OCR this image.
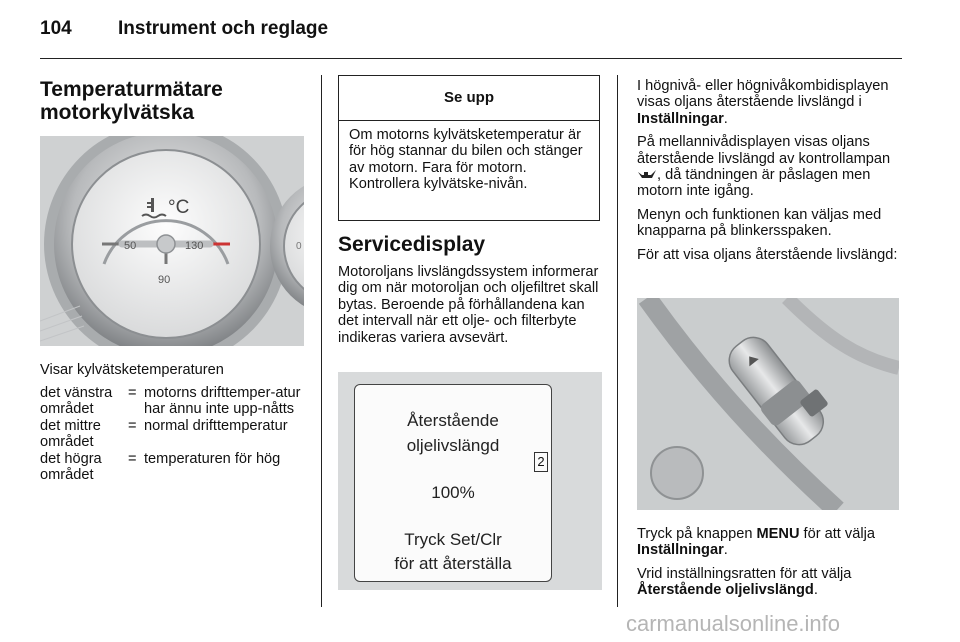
104 Instrument och reglage
Temperaturmätare
motorkylvätska
°C
50	130
90
0
Visar kylvätsketemperaturen
det vänstra området
= motorns drifttemper-atur har ännu inte upp-nåtts
det mittre området
= normal drifttemperatur
det högra området
= temperaturen för hög
Se upp
Om motorns kylvätsketemperatur är för hög stannar du bilen och stänger av motorn. Fara för motorn. Kontrollera kylvätske-nivån.
Servicedisplay
Motoroljans livslängdssystem informerar dig om när motoroljan och oljefiltret skall bytas. Beroende på förhållandena kan det intervall när ett olje- och filterbyte indikeras variera avsevärt.
Återstående
oljelivslängd
100%
Tryck Set/Clr
för att återställa
2

I högnivå- eller högnivåkombidisplayen visas oljans återstående livslängd i Inställningar.

På mellannivådisplayen visas oljans återstående livslängd av kontrollampan , då tändningen är påslagen men motorn inte igång.

Menyn och funktionen kan väljas med knapparna på blinkersspaken.

För att visa oljans återstående livslängd:

Tryck på knappen MENU för att välja Inställningar.

Vrid inställningsratten för att välja Återstående oljelivslängd.

carmanualsonline.info
